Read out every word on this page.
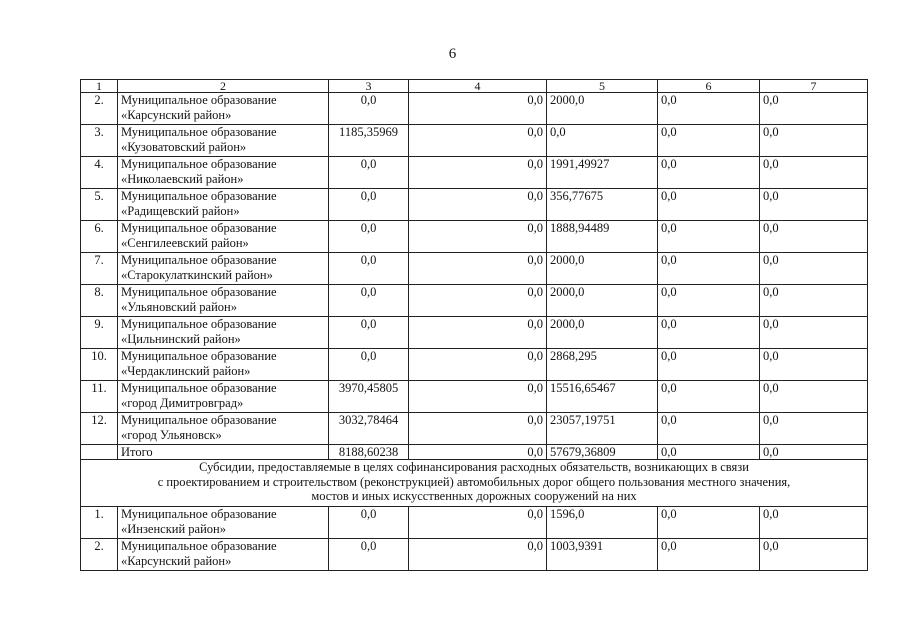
6
1	2	3	4	5	6	7
2.	Муниципальное образование
«Карсунский район»	0,0	0,0	2000,0	0,0	0,0
3.	Муниципальное образование
«Кузоватовский район»	1185,35969	0,0	0,0	0,0	0,0
4.	Муниципальное образование
«Николаевский район»	0,0	0,0	1991,49927	0,0	0,0
5.	Муниципальное образование
«Радищевский район»	0,0	0,0	356,77675	0,0	0,0
6.	Муниципальное образование
«Сенгилеевский район»	0,0	0,0	1888,94489	0,0	0,0
7.	Муниципальное образование
«Старокулаткинский район»	0,0	0,0	2000,0	0,0	0,0
8.	Муниципальное образование
«Ульяновский район»	0,0	0,0	2000,0	0,0	0,0
9.	Муниципальное образование
«Цильнинский район»	0,0	0,0	2000,0	0,0	0,0
10.	Муниципальное образование
«Чердаклинский район»	0,0	0,0	2868,295	0,0	0,0
11.	Муниципальное образование
«город Димитровград»	3970,45805	0,0	15516,65467	0,0	0,0
12.	Муниципальное образование
«город Ульяновск»	3032,78464	0,0	23057,19751	0,0	0,0
	Итого	8188,60238	0,0	57679,36809	0,0	0,0

Субсидии, предоставляемые в целях софинансирования расходных обязательств, возникающих в связи
с проектированием и строительством (реконструкцией) автомобильных дорог общего пользования местного значения,
мостов и иных искусственных дорожных сооружений на них						

1.	Муниципальное образование
«Инзенский район»	0,0	0,0	1596,0	0,0	0,0
2.	Муниципальное образование
«Карсунский район»	0,0	0,0	1003,9391	0,0	0,0
